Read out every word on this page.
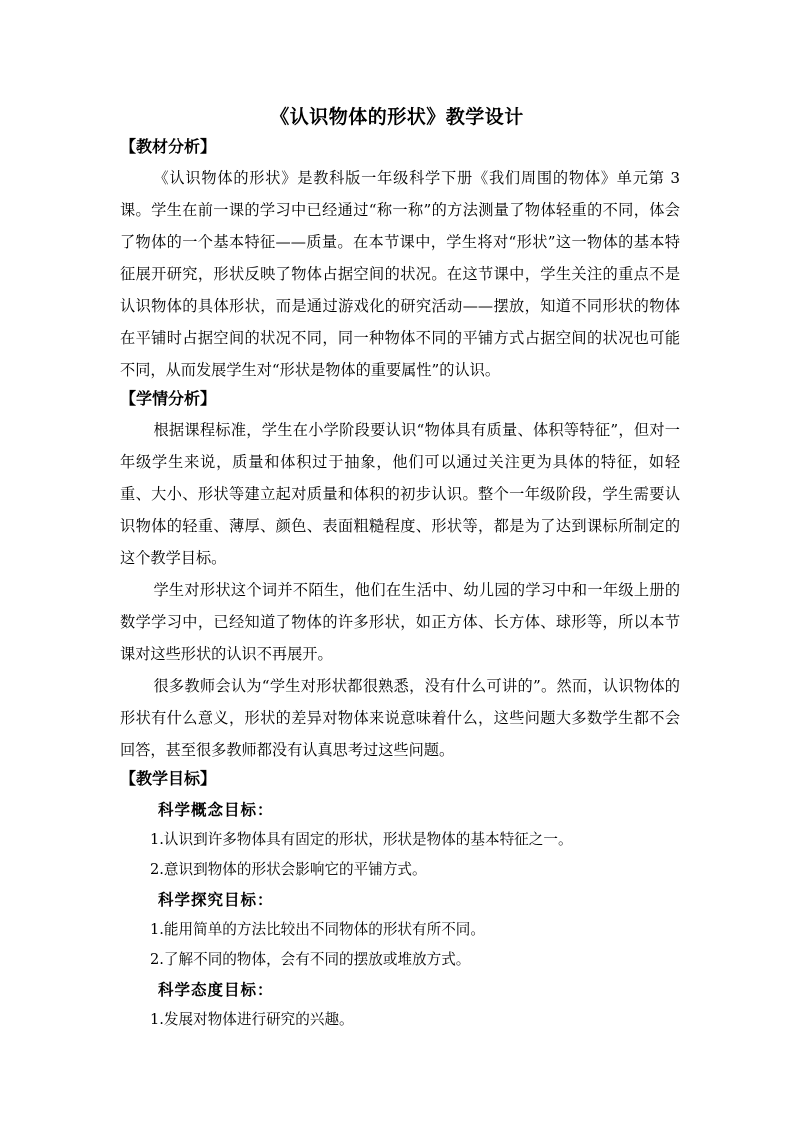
《认识物体的形状》教学设计
【教材分析】

《认识物体的形状》是教科版一年级科学下册《我们周围的物体》单元第 3 课。学生在前一课的学习中已经通过“称一称”的方法测量了物体轻重的不同，体会了物体的一个基本特征——质量。在本节课中，学生将对“形状”这一物体的基本特征展开研究，形状反映了物体占据空间的状况。在这节课中，学生关注的重点不是认识物体的具体形状，而是通过游戏化的研究活动——摆放，知道不同形状的物体在平铺时占据空间的状况不同，同一种物体不同的平铺方式占据空间的状况也可能不同，从而发展学生对“形状是物体的重要属性”的认识。

【学情分析】

根据课程标准，学生在小学阶段要认识“物体具有质量、体积等特征”，但对一年级学生来说，质量和体积过于抽象，他们可以通过关注更为具体的特征，如轻重、大小、形状等建立起对质量和体积的初步认识。整个一年级阶段，学生需要认识物体的轻重、薄厚、颜色、表面粗糙程度、形状等，都是为了达到课标所制定的这个教学目标。

学生对形状这个词并不陌生，他们在生活中、幼儿园的学习中和一年级上册的数学学习中，已经知道了物体的许多形状，如正方体、长方体、球形等，所以本节课对这些形状的认识不再展开。

很多教师会认为“学生对形状都很熟悉，没有什么可讲的”。然而，认识物体的形状有什么意义，形状的差异对物体来说意味着什么，这些问题大多数学生都不会回答，甚至很多教师都没有认真思考过这些问题。

【教学目标】
科学概念目标：
1.认识到许多物体具有固定的形状，形状是物体的基本特征之一。
2.意识到物体的形状会影响它的平铺方式。
科学探究目标：
1.能用简单的方法比较出不同物体的形状有所不同。
2.了解不同的物体，会有不同的摆放或堆放方式。
科学态度目标：
1.发展对物体进行研究的兴趣。
